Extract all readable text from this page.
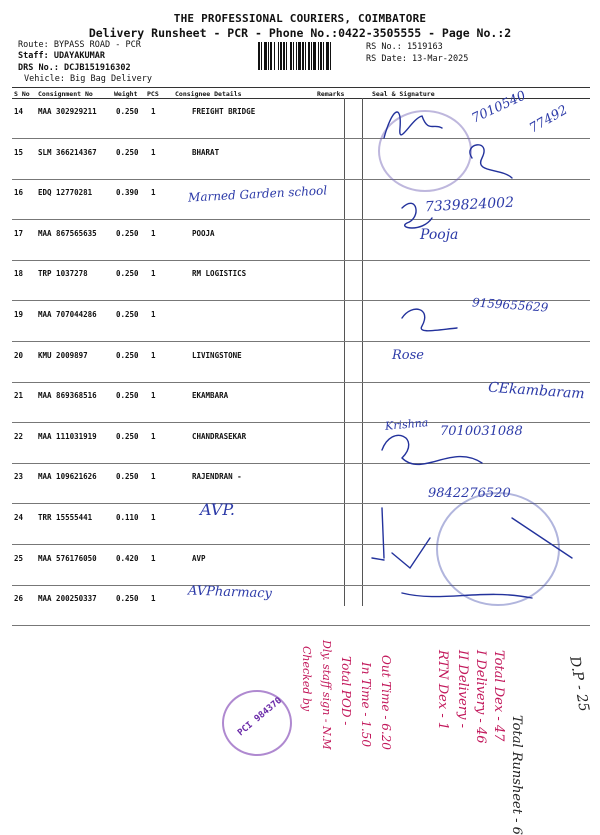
THE PROFESSIONAL COURIERS, COIMBATORE
Delivery Runsheet - PCR - Phone No.:0422-3505555 - Page No.:2
Route: BYPASS ROAD - PCR
Staff: UDAYAKUMAR
DRS No.: DCJB151916302
Vehicle: Big Bag Delivery
RS No.: 1519163
RS Date: 13-Mar-2025
S No Consignment No	Weight PCS	Consignee Details	Remarks	Seal & Signature
14 MAA 302929211	0.250 1	FREIGHT BRIDGE
15 SLM 366214367	0.250 1	BHARAT
16 EDQ 12770281	0.390 1
17 MAA 867565635	0.250 1	POOJA
18 TRP 1037278	0.250 1	RM LOGISTICS
19 MAA 707044286	0.250 1
20 KMU 2009897	0.250 1	LIVINGSTONE
21 MAA 869368516	0.250 1	EKAMBARA
22 MAA 111031919	0.250 1	CHANDRASEKAR
23 MAA 109621626	0.250 1	RAJENDRAN -
24 TRR 15555441	0.110 1
25 MAA 576176050	0.420 1	AVP
26 MAA 200250337	0.250 1
PCI 984370
Marned Garden school
AVP.
AVPharmacy
7010540
77492
7339824002
Pooja
9159655629
Rose
CEkambaram
Krishna 7010031088
9842276520
Total Runsheet - 6
Total Dex - 47
I Delivery - 46
II Delivery -
RTN Dex - 1	D.P - 25
Out Time - 6.20
In Time - 1.50
Total POD -
Dly. staff sign - N.M
Checked by
